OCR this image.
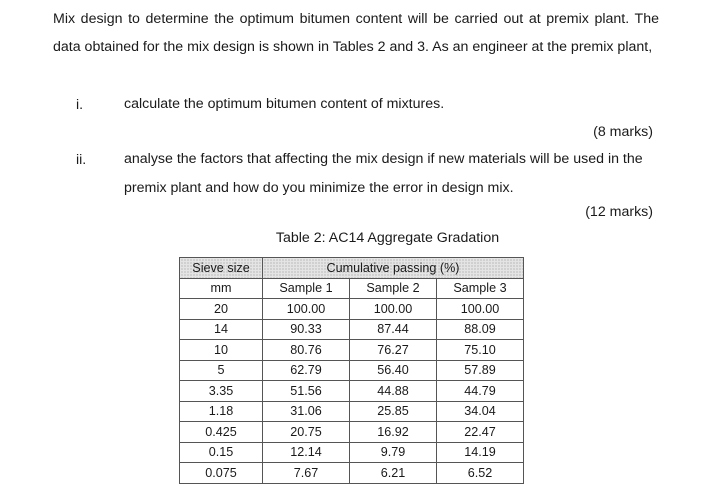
Mix design to determine the optimum bitumen content will be carried out at premix plant. The data obtained for the mix design is shown in Tables 2 and 3. As an engineer at the premix plant,
i.	calculate the optimum bitumen content of mixtures.
(8 marks)
ii.	analyse the factors that affecting the mix design if new materials will be used in the premix plant and how do you minimize the error in design mix.
(12 marks)
Table 2: AC14 Aggregate Gradation
Sieve size	Cumulative passing (%)		
mm	Sample 1	Sample 2	Sample 3
20	100.00	100.00	100.00
14	90.33	87.44	88.09
10	80.76	76.27	75.10
5	62.79	56.40	57.89
3.35	51.56	44.88	44.79
1.18	31.06	25.85	34.04
0.425	20.75	16.92	22.47
0.15	12.14	9.79	14.19
0.075	7.67	6.21	6.52
